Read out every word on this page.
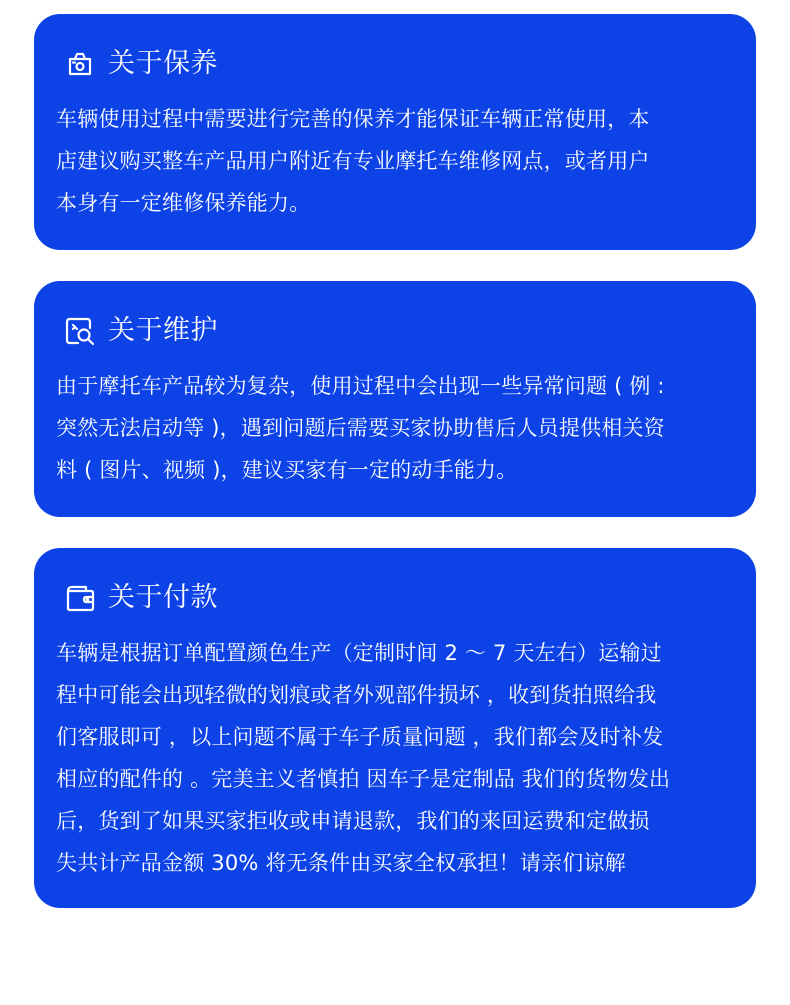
关于保养
车辆使用过程中需要进行完善的保养才能保证车辆正常使用，本
店建议购买整车产品用户附近有专业摩托车维修网点，或者用户
本身有一定维修保养能力。
关于维护
由于摩托车产品较为复杂，使用过程中会出现一些异常问题 ( 例 :
突然无法启动等 )，遇到问题后需要买家协助售后人员提供相关资
料 ( 图片、视频 )，建议买家有一定的动手能力。
关于付款
车辆是根据订单配置颜色生产（定制时间 2 ～ 7 天左右）运输过
程中可能会出现轻微的划痕或者外观部件损坏 ，收到货拍照给我
们客服即可 ，以上问题不属于车子质量问题 ，我们都会及时补发
相应的配件的 。完美主义者慎拍 因车子是定制品 我们的货物发出
后，货到了如果买家拒收或申请退款，我们的来回运费和定做损
失共计产品金额 30% 将无条件由买家全权承担！请亲们谅解
